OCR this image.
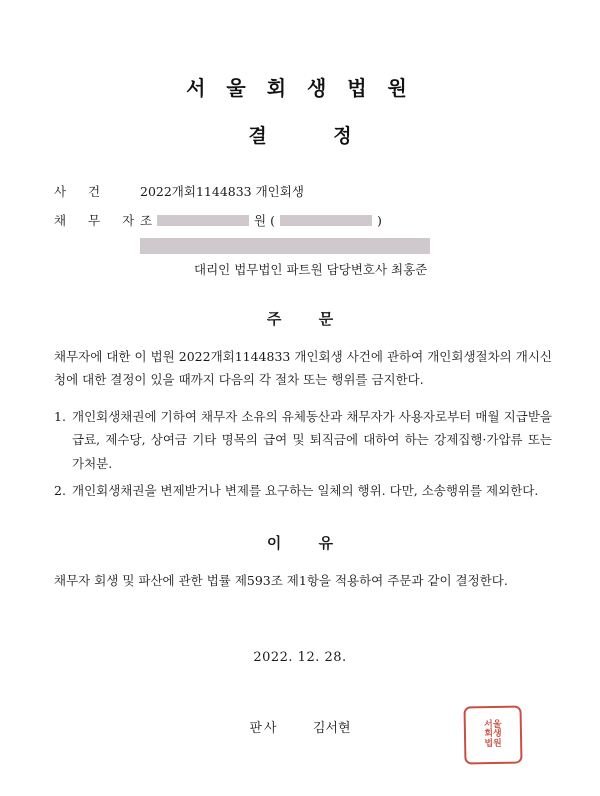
서 울 회 생 법 원
결 정
사 건	2022개회1144833 개인회생
채 무 자
조	원 (	)
대리인 법무법인 파트원 담당변호사 최홍준
주 문

채무자에 대한 이 법원 2022개회1144833 개인회생 사건에 관하여 개인회생절차의 개시신청에 대한 결정이 있을 때까지 다음의 각 절차 또는 행위를 금지한다.

1. 개인회생채권에 기하여 채무자 소유의 유체동산과 채무자가 사용자로부터 매월 지급받을 급료, 제수당, 상여금 기타 명목의 급여 및 퇴직금에 대하여 하는 강제집행·가압류 또는 가처분.
2. 개인회생채권을 변제받거나 변제를 요구하는 일체의 행위. 다만, 소송행위를 제외한다.
이 유

채무자 회생 및 파산에 관한 법률 제593조 제1항을 적용하여 주문과 같이 결정한다.

2022. 12. 28.
판사	김서현	서울
회생
법원
